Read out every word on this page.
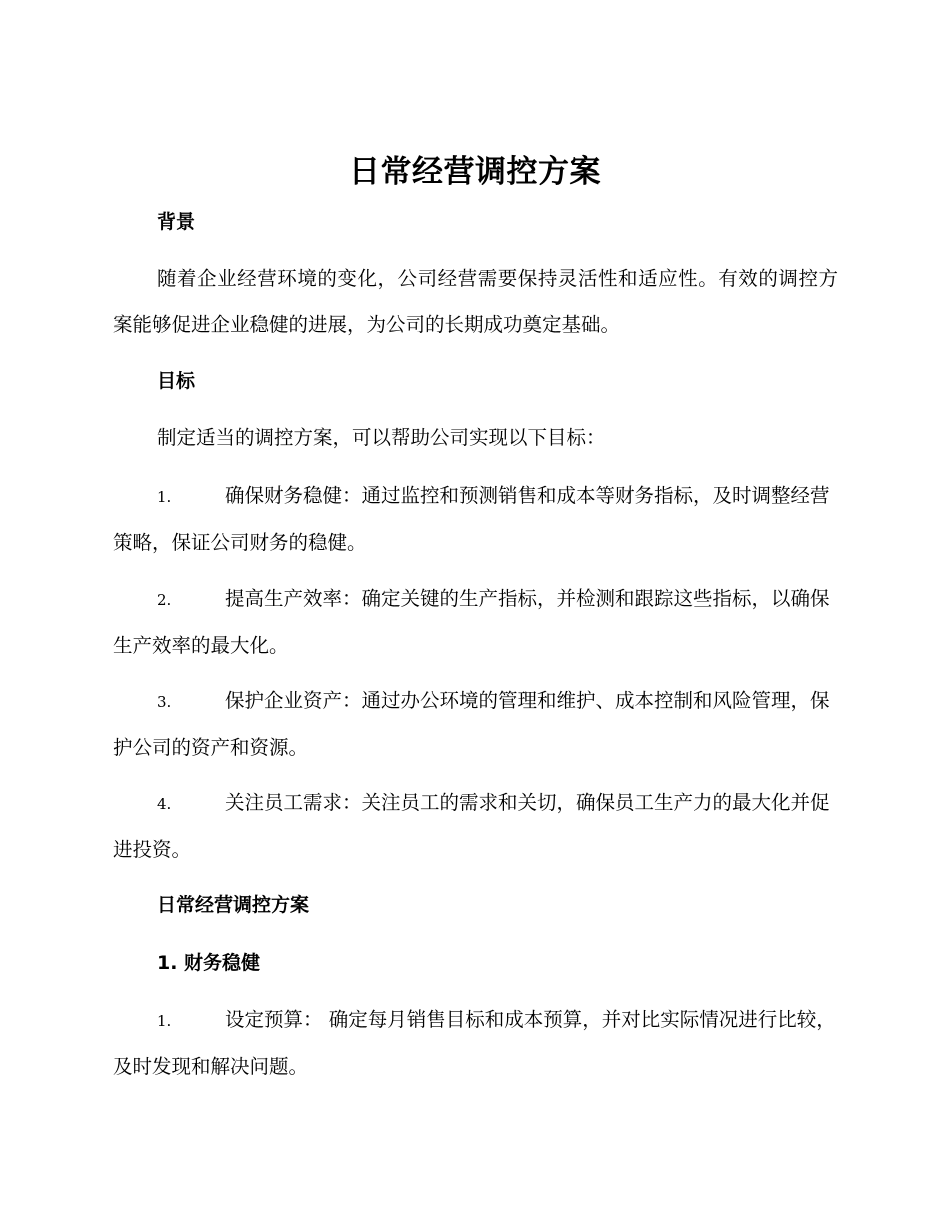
日常经营调控方案
背景
随着企业经营环境的变化，公司经营需要保持灵活性和适应性。有效的调控方案能够促进企业稳健的进展，为公司的长期成功奠定基础。
目标
制定适当的调控方案，可以帮助公司实现以下目标：
1.	确保财务稳健：通过监控和预测销售和成本等财务指标，及时调整经营策略，保证公司财务的稳健。
2.	提高生产效率：确定关键的生产指标，并检测和跟踪这些指标，以确保生产效率的最大化。
3.	保护企业资产：通过办公环境的管理和维护、成本控制和风险管理，保护公司的资产和资源。
4.	关注员工需求：关注员工的需求和关切，确保员工生产力的最大化并促进投资。
日常经营调控方案
1. 财务稳健
1.	设定预算： 确定每月销售目标和成本预算，并对比实际情况进行比较，及时发现和解决问题。
